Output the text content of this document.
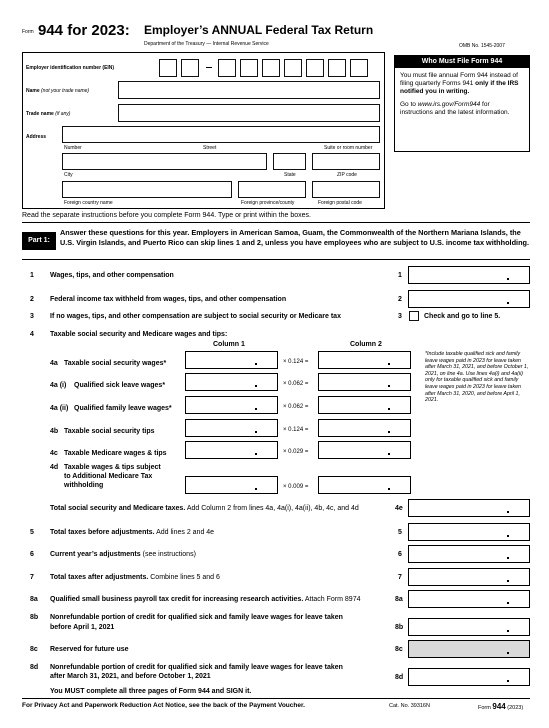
Form 944 for 2023: Employer’s ANNUAL Federal Tax Return
Department of the Treasury — Internal Revenue Service	OMB No. 1545-2007
Employer identification number (EIN)
Name (not your trade name)
Trade name (if any)
Address
Number	Street	Suite or room number
City	State	ZIP code
Foreign country name	Foreign province/county	Foreign postal code
Who Must File Form 944
You must file annual Form 944 instead of filing quarterly Forms 941 only if the IRS notified you in writing.
Go to www.irs.gov/Form944 for instructions and the latest information.
Read the separate instructions before you complete Form 944. Type or print within the boxes.
Part 1:
Answer these questions for this year. Employers in American Samoa, Guam, the Commonwealth of the Northern Mariana Islands, the U.S. Virgin Islands, and Puerto Rico can skip lines 1 and 2, unless you have employees who are subject to U.S. income tax withholding.
1 Wages, tips, and other compensation	1
2 Federal income tax withheld from wages, tips, and other compensation	2
3 If no wages, tips, and other compensation are subject to social security or Medicare tax	3	Check and go to line 5.
4 Taxable social security and Medicare wages and tips:
Column 1	Column 2
4a Taxable social security wages*	× 0.124 =
4a (i) Qualified sick leave wages*	× 0.062 =
4a (ii) Qualified family leave wages*	× 0.062 =
4b Taxable social security tips	× 0.124 =
4c Taxable Medicare wages & tips	× 0.029 =
4d Taxable wages & tips subject
to Additional Medicare Tax
withholding	× 0.009 =
*Include taxable qualified sick and family leave wages paid in 2023 for leave taken after March 31, 2021, and before October 1, 2021, on line 4a. Use lines 4a(i) and 4a(ii) only for taxable qualified sick and family leave wages paid in 2023 for leave taken after March 31, 2020, and before April 1, 2021.
Total social security and Medicare taxes. Add Column 2 from lines 4a, 4a(i), 4a(ii), 4b, 4c, and 4d	4e
5 Total taxes before adjustments. Add lines 2 and 4e	5
6 Current year’s adjustments (see instructions)	6
7 Total taxes after adjustments. Combine lines 5 and 6	7
8a Qualified small business payroll tax credit for increasing research activities. Attach Form 8974	8a
8b Nonrefundable portion of credit for qualified sick and family leave wages for leave taken
before April 1, 2021	8b
8c Reserved for future use	8c
8d Nonrefundable portion of credit for qualified sick and family leave wages for leave taken
after March 31, 2021, and before October 1, 2021	8d
You MUST complete all three pages of Form 944 and SIGN it.
For Privacy Act and Paperwork Reduction Act Notice, see the back of the Payment Voucher.	Cat. No. 39316N	Form 944 (2023)
